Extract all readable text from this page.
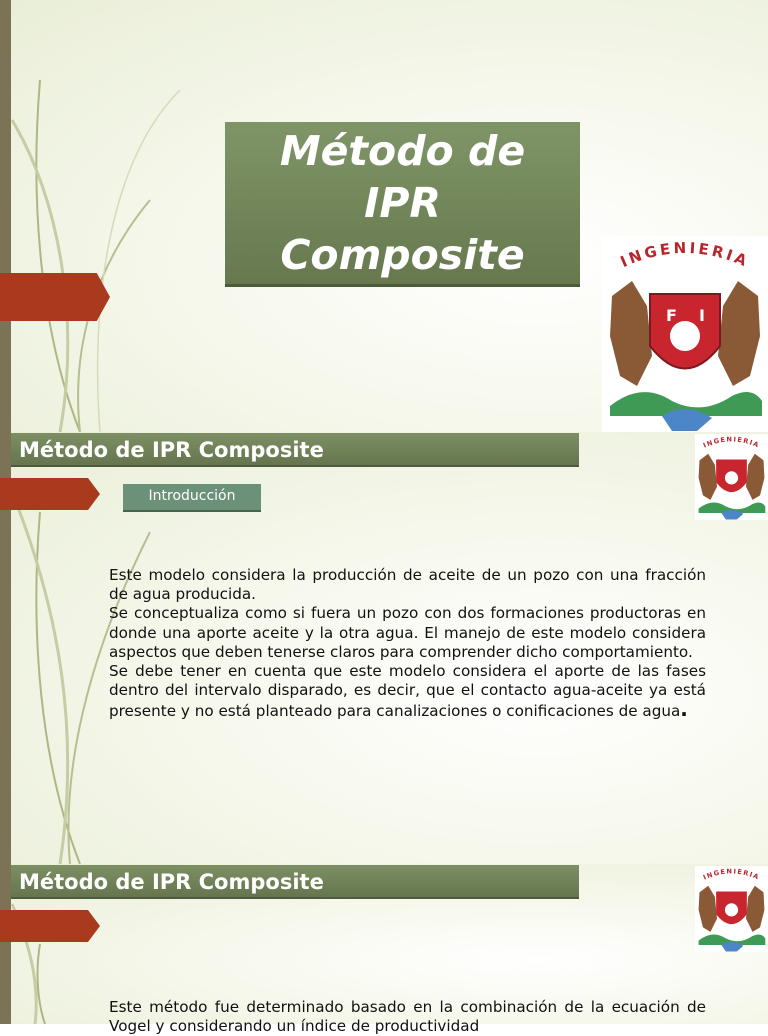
Método de IPR Composite	INGENIERIA
F I
Método de IPR Composite
Introducción
INGENIERIA

Este modelo considera la producción de aceite de un pozo con una fracción de agua producida.

Se conceptualiza como si fuera un pozo con dos formaciones productoras en donde una aporte aceite y la otra agua. El manejo de este modelo considera aspectos que deben tenerse claros para comprender dicho comportamiento.

Se debe tener en cuenta que este modelo considera el aporte de las fases dentro del intervalo disparado, es decir, que el contacto agua-aceite ya está presente y no está planteado para canalizaciones o conificaciones de agua.

Método de IPR Composite	INGENIERIA

Este método fue determinado basado en la combinación de la ecuación de Vogel y considerando un índice de productividad
